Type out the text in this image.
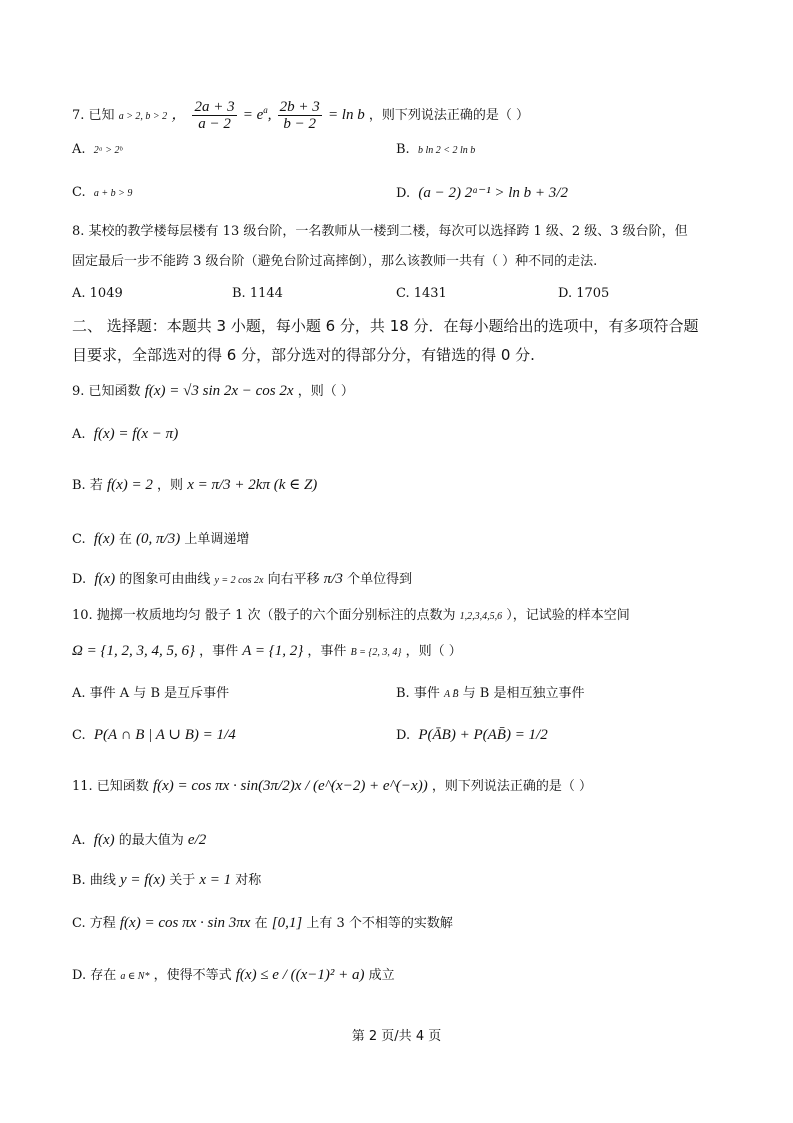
7. 已知 a > 2, b > 2 ， $\frac{2a + 3}{a - 2} = e^a$, $\frac{2b + 3}{b - 2} = \ln b$ ，则下列说法正确的是（ ）
A. 2ᵃ > 2ᵇ	B. b ln 2 < 2 ln b
C. a + b > 9	D. (a − 2) 2ᵃ⁻¹ > ln b + 3/2
8. 某校的教学楼每层楼有 13 级台阶，一名教师从一楼到二楼，每次可以选择跨 1 级、2 级、3 级台阶，但
固定最后一步不能跨 3 级台阶（避免台阶过高摔倒），那么该教师一共有（ ）种不同的走法.
A. 1049	B. 1144	C. 1431	D. 1705
二、 选择题：本题共 3 小题，每小题 6 分，共 18 分．在每小题给出的选项中，有多项符合题
目要求，全部选对的得 6 分，部分选对的得部分分，有错选的得 0 分.
9. 已知函数 f(x) = √3 sin 2x − cos 2x ，则（ ）
A. f(x) = f(x − π)
B. 若 f(x) = 2 ，则 x = π/3 + 2kπ (k ∈ Z)
C. f(x) 在 (0, π/3) 上单调递增
D. f(x) 的图象可由曲线 y = 2 cos 2x 向右平移 π/3 个单位得到
10. 抛掷一枚质地均匀 骰子 1 次（骰子的六个面分别标注的点数为 1,2,3,4,5,6 ），记试验的样本空间
Ω = {1, 2, 3, 4, 5, 6} ，事件 A = {1, 2} ，事件 B = {2, 3, 4} ，则（ ）
A. 事件 A 与 B 是互斥事件	B. 事件 A B̄ 与 B 是相互独立事件
C. P(A ∩ B | A ∪ B) = 1/4	D. P(ĀB) + P(AB̄) = 1/2
11. 已知函数 f(x) = cos πx · sin(3π/2)x / (e^(x−2) + e^(−x)) ，则下列说法正确的是（ ）
A. f(x) 的最大值为 e/2
B. 曲线 y = f(x) 关于 x = 1 对称
C. 方程 f(x) = cos πx · sin 3πx 在 [0,1] 上有 3 个不相等的实数解
D. 存在 a ∈ N* ，使得不等式 f(x) ≤ e / ((x−1)² + a) 成立
第 2 页/共 4 页
